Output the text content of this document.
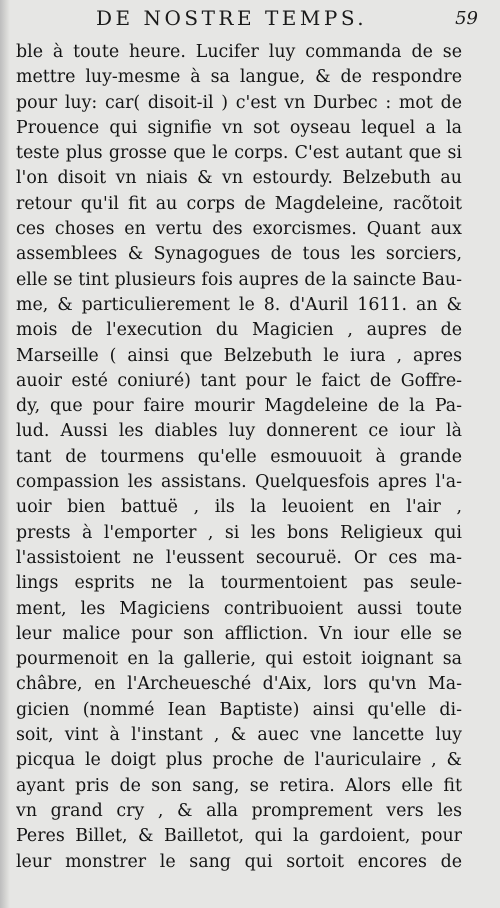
DE NOSTRE TEMPS.	59
ble à toute heure. Lucifer luy commanda de se
mettre luy-mesme à sa langue, & de respondre
pour luy: car( disoit-il ) c'est vn Durbec : mot de
Prouence qui signifie vn sot oyseau lequel a la
teste plus grosse que le corps. C'est autant que si
l'on disoit vn niais & vn estourdy. Belzebuth au
retour qu'il fit au corps de Magdeleine, racõtoit
ces choses en vertu des exorcismes. Quant aux
assemblees & Synagogues de tous les sorciers,
elle se tint plusieurs fois aupres de la saincte Bau-
me, & particulierement le 8. d'Auril 1611. an &
mois de l'execution du Magicien , aupres de
Marseille ( ainsi que Belzebuth le iura , apres
auoir esté coniuré) tant pour le faict de Goffre-
dy, que pour faire mourir Magdeleine de la Pa-
lud. Aussi les diables luy donnerent ce iour là
tant de tourmens qu'elle esmouuoit à grande
compassion les assistans. Quelquesfois apres l'a-
uoir bien battuë , ils la leuoient en l'air ,
prests à l'emporter , si les bons Religieux qui
l'assistoient ne l'eussent secouruë. Or ces ma-
lings esprits ne la tourmentoient pas seule-
ment, les Magiciens contribuoient aussi toute
leur malice pour son affliction. Vn iour elle se
pourmenoit en la gallerie, qui estoit ioignant sa
châbre, en l'Archeuesché d'Aix, lors qu'vn Ma-
gicien (nommé Iean Baptiste) ainsi qu'elle di-
soit, vint à l'instant , & auec vne lancette luy
picqua le doigt plus proche de l'auriculaire , &
ayant pris de son sang, se retira. Alors elle fit
vn grand cry , & alla promprement vers les
Peres Billet, & Bailletot, qui la gardoient, pour
leur monstrer le sang qui sortoit encores de
